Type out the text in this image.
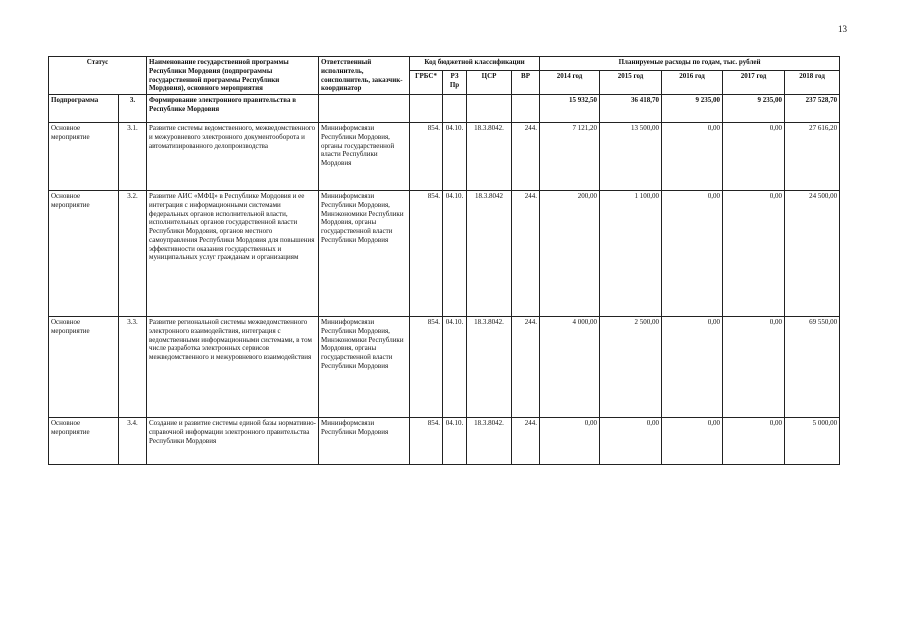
13
Статус		Наименование государственной программы Республики Мордовия (подпрограммы государственной программы Республики Мордовия), основного мероприятия	Ответственный исполнитель, соисполнитель, заказчик-координатор	Код бюджетной классификации				Планируемые расходы по годам, тыс. рублей				
				ГРБС*	РЗ Пр	ЦСР	ВР	2014 год	2015 год	2016 год	2017 год	2018 год
Подпрограмма	3.	Формирование электронного правительства в Республике Мордовия						15 932,50	36 418,70	9 235,00	9 235,00	237 528,70
Основное мероприятие	3.1.	Развитие системы ведомственного, межведомственного и межуровневого электронного документооборота и автоматизированного делопроизводства	Мининформсвязи Республики Мордовия, органы государственной власти Республики Мордовия	854.	04.10.	18.3.8042.	244.	7 121,20	13 500,00	0,00	0,00	27 616,20
Основное мероприятие	3.2.	Развитие АИС «МФЦ» в Республике Мордовия и ее интеграция с информационными системами федеральных органов исполнительной власти, исполнительных органов государственной власти Республики Мордовия, органов местного самоуправления Республики Мордовия для повышения эффективности оказания государственных и муниципальных услуг гражданам и организациям	Мининформсвязи Республики Мордовия, Минэкономики Республики Мордовия, органы государственной власти Республики Мордовия	854.	04.10.	18.3.8042	244.	200,00	1 100,00	0,00	0,00	24 500,00
Основное мероприятие	3.3.	Развитие региональной системы межведомственного электронного взаимодействия, интеграция с ведомственными информационными системами, в том числе разработка электронных сервисов межведомственного и межуровневого взаимодействия	Мининформсвязи Республики Мордовия, Минэкономики Республики Мордовия, органы государственной власти Республики Мордовия	854.	04.10.	18.3.8042.	244.	4 000,00	2 500,00	0,00	0,00	69 550,00
Основное мероприятие	3.4.	Создание и развитие системы единой базы нормативно-справочной информации электронного правительства Республики Мордовия	Мининформсвязи Республики Мордовия	854.	04.10.	18.3.8042.	244.	0,00	0,00	0,00	0,00	5 000,00
